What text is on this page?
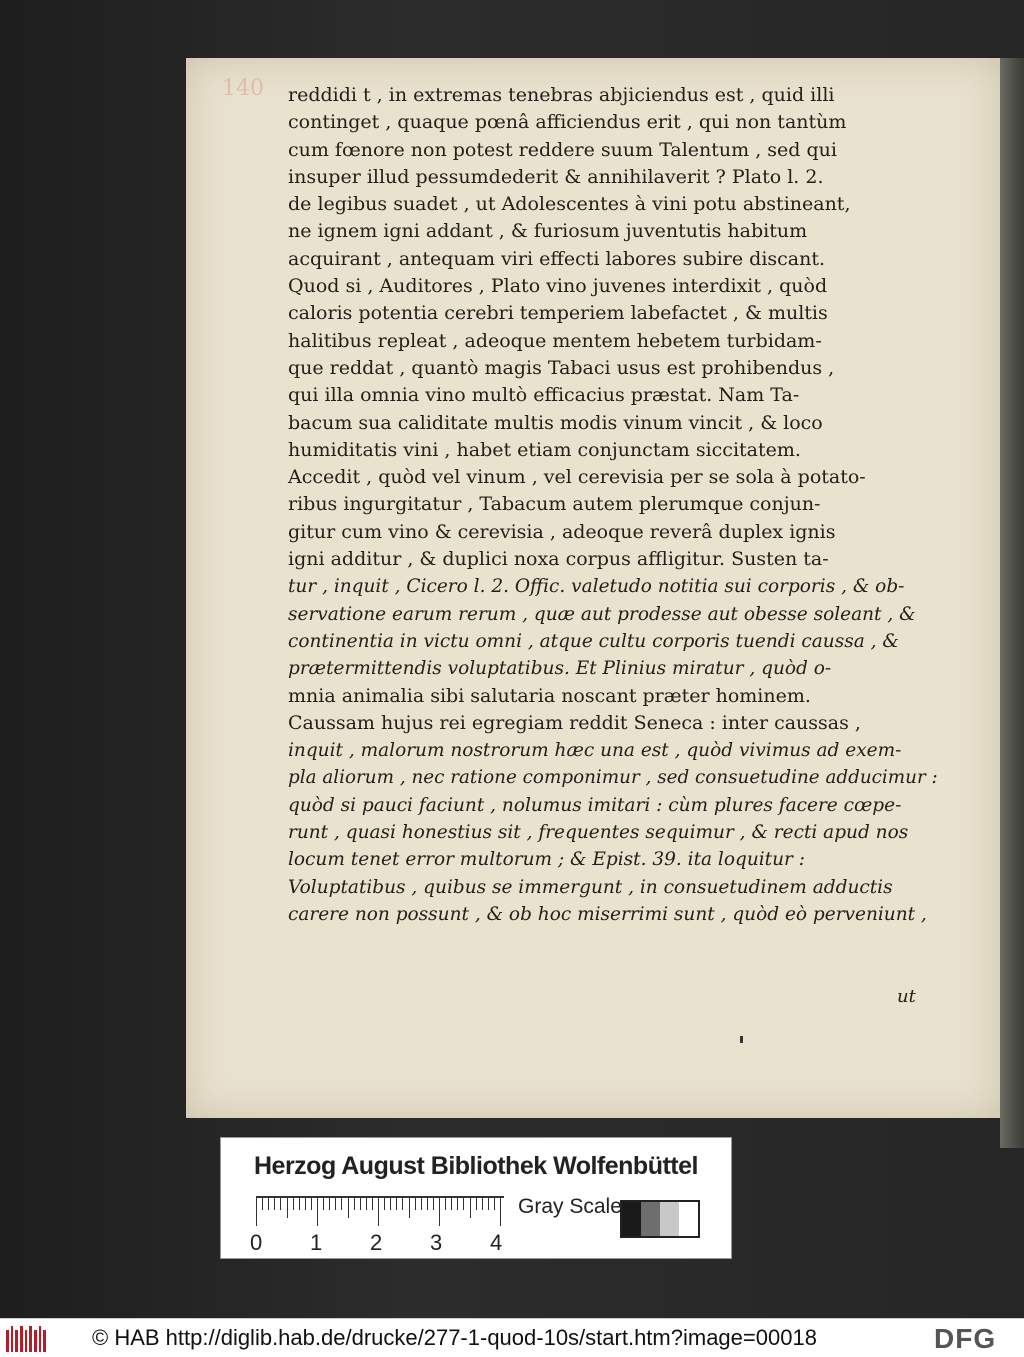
140 reddidi t , in extremas tenebras abjiciendus est , quid illi
continget , quaque pœnâ afficiendus erit , qui non tantùm
cum fœnore non potest reddere suum Talentum , sed qui
insuper illud pessumdederit & annihilaverit ? Plato l. 2.
de legibus suadet , ut Adolescentes à vini potu abstineant,
ne ignem igni addant , & furiosum juventutis habitum
acquirant , antequam viri effecti labores subire discant.
Quod si , Auditores , Plato vino juvenes interdixit , quòd
caloris potentia cerebri temperiem labefactet , & multis
halitibus repleat , adeoque mentem hebetem turbidam-
que reddat , quantò magis Tabaci usus est prohibendus ,
qui illa omnia vino multò efficacius præstat. Nam Ta-
bacum sua caliditate multis modis vinum vincit , & loco
humiditatis vini , habet etiam conjunctam siccitatem.
Accedit , quòd vel vinum , vel cerevisia per se sola à potato-
ribus ingurgitatur , Tabacum autem plerumque conjun-
gitur cum vino & cerevisia , adeoque reverâ duplex ignis
igni additur , & duplici noxa corpus affligitur. Susten ta-
tur , inquit , Cicero l. 2. Offic. valetudo notitia sui corporis , & ob-
servatione earum rerum , quæ aut prodesse aut obesse soleant , &
continentia in victu omni , atque cultu corporis tuendi caussa , &
prætermittendis voluptatibus. Et Plinius miratur , quòd o-
mnia animalia sibi salutaria noscant præter hominem.
Caussam hujus rei egregiam reddit Seneca : inter caussas ,
inquit , malorum nostrorum hæc una est , quòd vivimus ad exem-
pla aliorum , nec ratione componimur , sed consuetudine adducimur :
quòd si pauci faciunt , nolumus imitari : cùm plures facere cœpe-
runt , quasi honestius sit , frequentes sequimur , & recti apud nos
locum tenet error multorum ; & Epist. 39. ita loquitur :
Voluptatibus , quibus se immergunt , in consuetudinem adductis
carere non possunt , & ob hoc miserrimi sunt , quòd eò perveniunt ,
ut
Herzog August Bibliothek Wolfenbüttel
0 1 2 3 4
Gray Scale
© HAB http://diglib.hab.de/drucke/277-1-quod-10s/start.htm?image=00018	DFG
